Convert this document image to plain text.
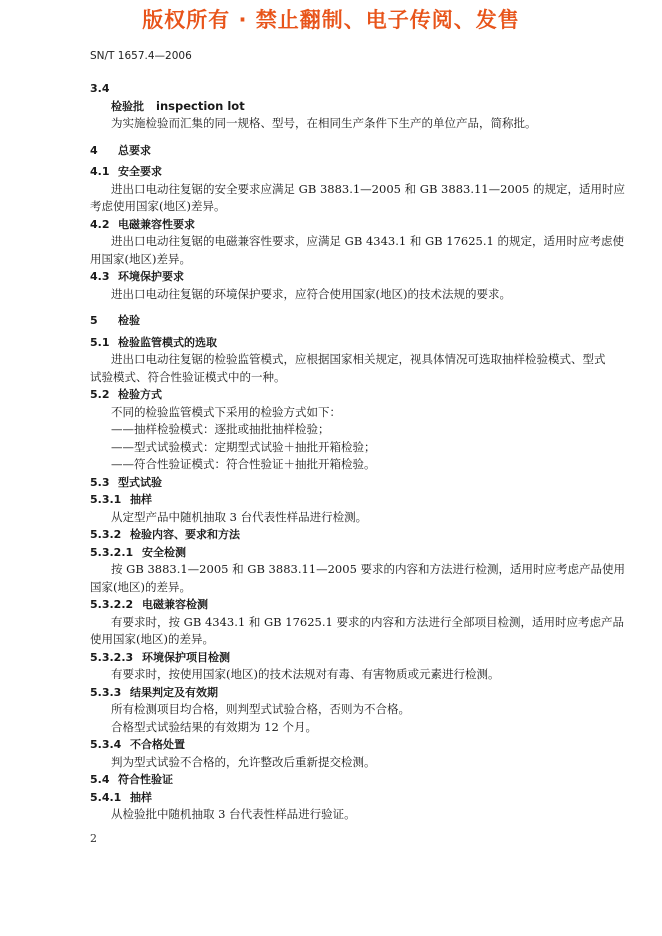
版权所有 · 禁止翻制、电子传阅、发售
SN/T 1657.4—2006
3.4
检验批 inspection lot
为实施检验而汇集的同一规格、型号，在相同生产条件下生产的单位产品，简称批。
4 总要求
4.1 安全要求
进出口电动往复锯的安全要求应满足 GB 3883.1—2005 和 GB 3883.11—2005 的规定，适用时应
考虑使用国家(地区)差异。
4.2 电磁兼容性要求
进出口电动往复锯的电磁兼容性要求，应满足 GB 4343.1 和 GB 17625.1 的规定，适用时应考虑使
用国家(地区)差异。
4.3 环境保护要求
进出口电动往复锯的环境保护要求，应符合使用国家(地区)的技术法规的要求。
5 检验
5.1 检验监管模式的选取
进出口电动往复锯的检验监管模式，应根据国家相关规定，视具体情况可选取抽样检验模式、型式
试验模式、符合性验证模式中的一种。
5.2 检验方式
不同的检验监管模式下采用的检验方式如下：
——抽样检验模式：逐批或抽批抽样检验；
——型式试验模式：定期型式试验＋抽批开箱检验；
——符合性验证模式：符合性验证＋抽批开箱检验。
5.3 型式试验
5.3.1 抽样
从定型产品中随机抽取 3 台代表性样品进行检测。
5.3.2 检验内容、要求和方法
5.3.2.1 安全检测
按 GB 3883.1—2005 和 GB 3883.11—2005 要求的内容和方法进行检测，适用时应考虑产品使用
国家(地区)的差异。
5.3.2.2 电磁兼容检测
有要求时，按 GB 4343.1 和 GB 17625.1 要求的内容和方法进行全部项目检测，适用时应考虑产品
使用国家(地区)的差异。
5.3.2.3 环境保护项目检测
有要求时，按使用国家(地区)的技术法规对有毒、有害物质或元素进行检测。
5.3.3 结果判定及有效期
所有检测项目均合格，则判型式试验合格，否则为不合格。
合格型式试验结果的有效期为 12 个月。
5.3.4 不合格处置
判为型式试验不合格的，允许整改后重新提交检测。
5.4 符合性验证
5.4.1 抽样
从检验批中随机抽取 3 台代表性样品进行验证。
2
